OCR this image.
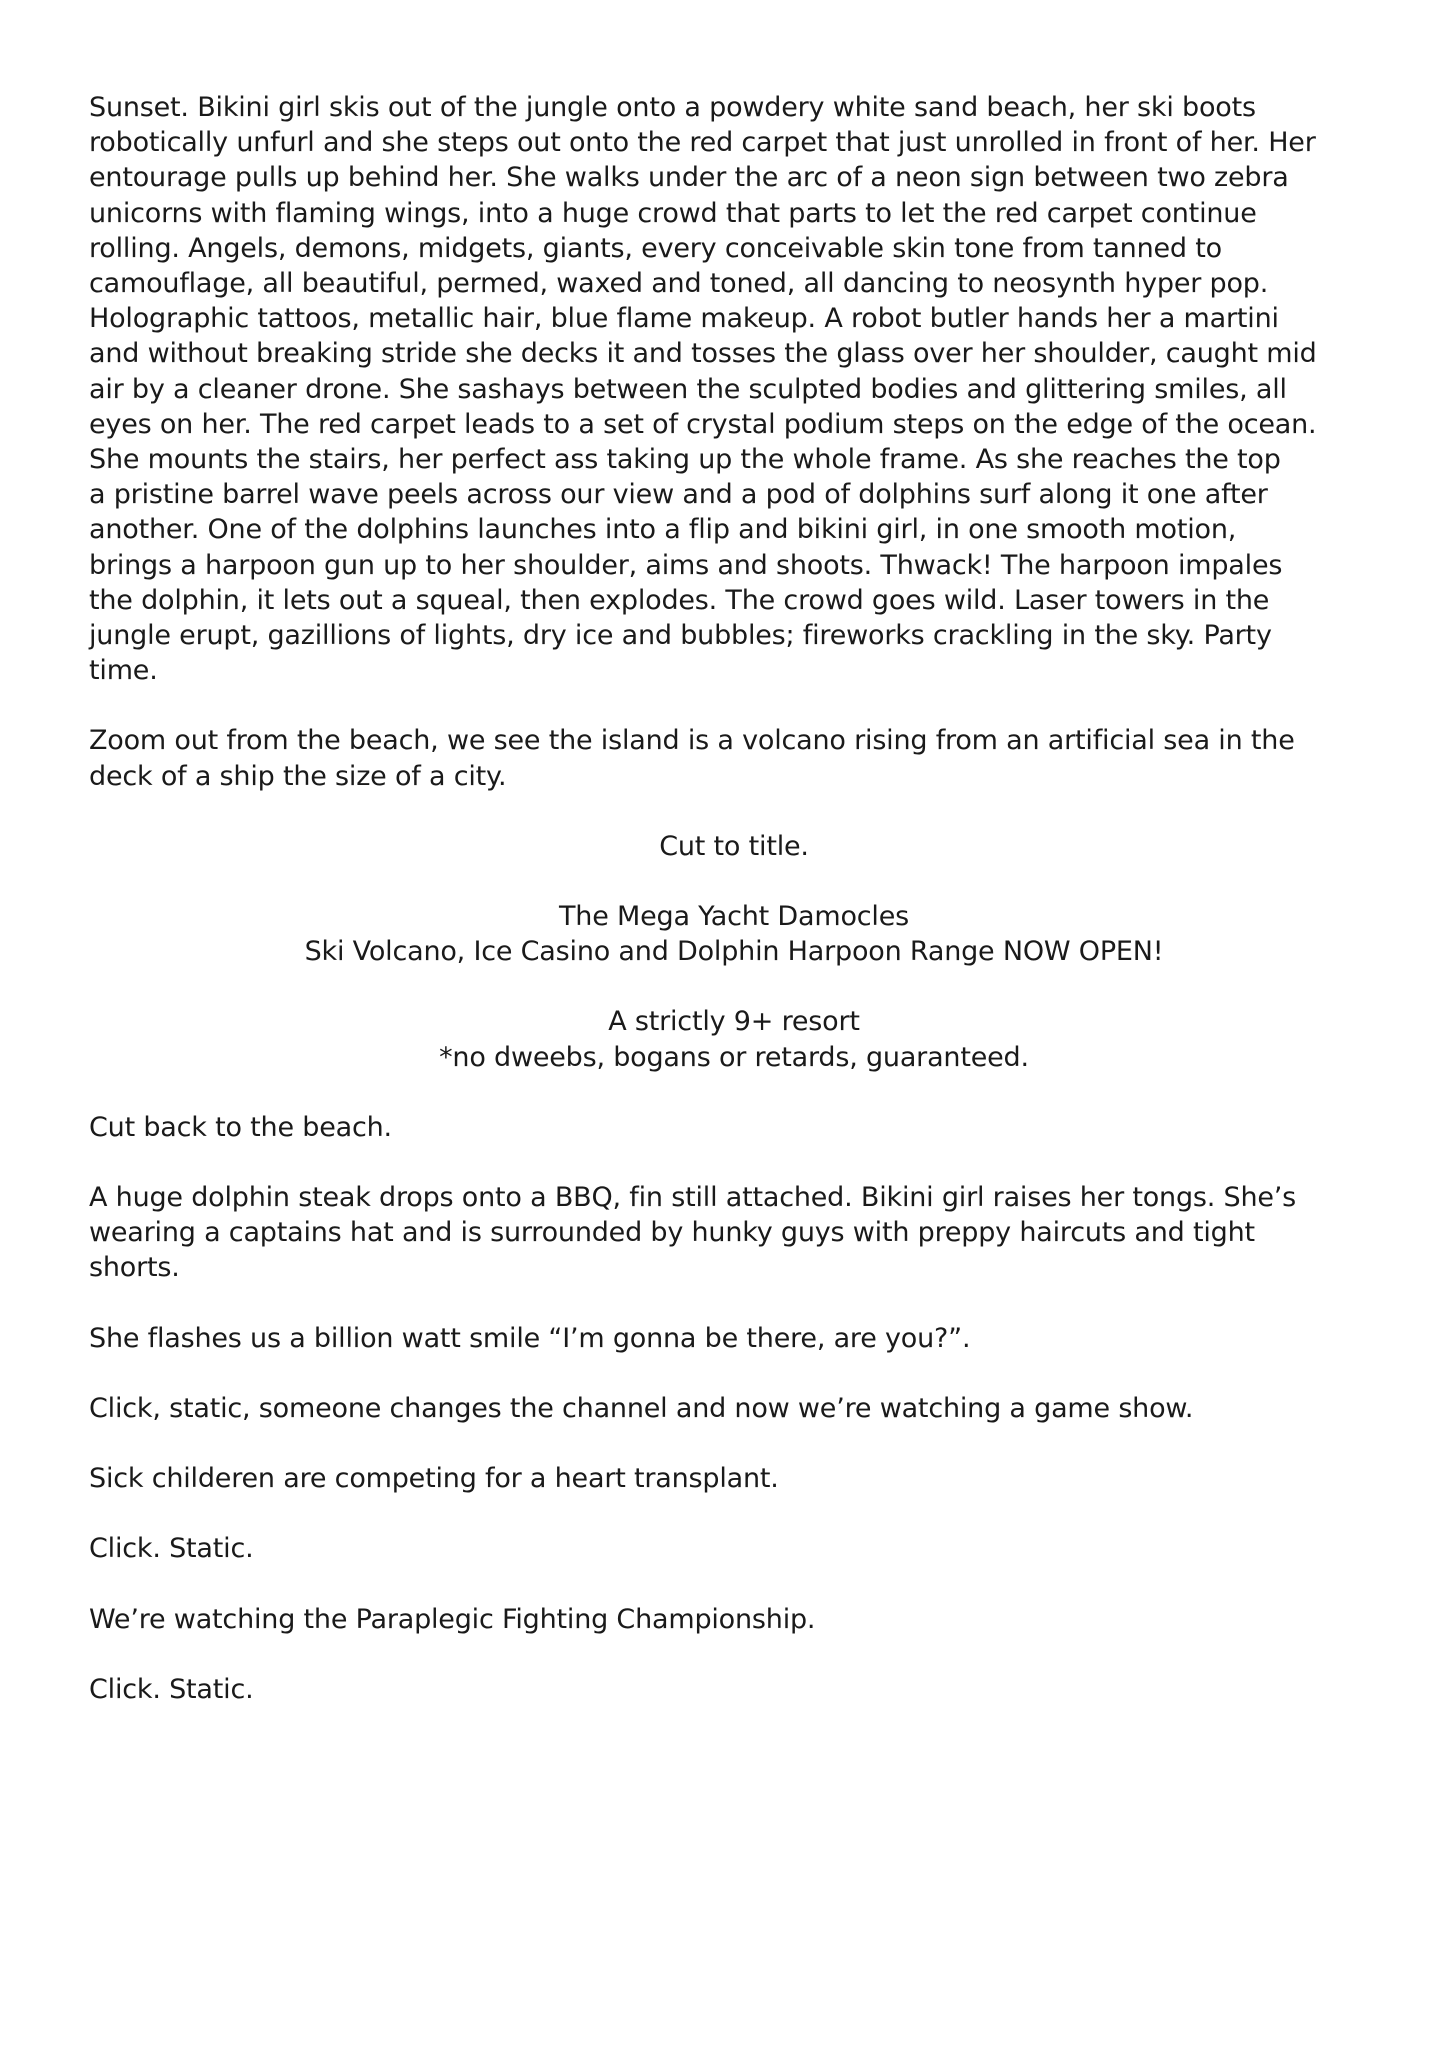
Sunset. Bikini girl skis out of the jungle onto a powdery white sand beach, her ski boots
robotically unfurl and she steps out onto the red carpet that just unrolled in front of her. Her
entourage pulls up behind her. She walks under the arc of a neon sign between two zebra
unicorns with flaming wings, into a huge crowd that parts to let the red carpet continue
rolling. Angels, demons, midgets, giants, every conceivable skin tone from tanned to
camouflage, all beautiful, permed, waxed and toned, all dancing to neosynth hyper pop.
Holographic tattoos, metallic hair, blue flame makeup. A robot butler hands her a martini
and without breaking stride she decks it and tosses the glass over her shoulder, caught mid
air by a cleaner drone. She sashays between the sculpted bodies and glittering smiles, all
eyes on her. The red carpet leads to a set of crystal podium steps on the edge of the ocean.
She mounts the stairs, her perfect ass taking up the whole frame. As she reaches the top
a pristine barrel wave peels across our view and a pod of dolphins surf along it one after
another. One of the dolphins launches into a flip and bikini girl, in one smooth motion,
brings a harpoon gun up to her shoulder, aims and shoots. Thwack! The harpoon impales
the dolphin, it lets out a squeal, then explodes. The crowd goes wild. Laser towers in the
jungle erupt, gazillions of lights, dry ice and bubbles; fireworks crackling in the sky. Party
time.

Zoom out from the beach, we see the island is a volcano rising from an artificial sea in the
deck of a ship the size of a city.

Cut to title.

The Mega Yacht Damocles
Ski Volcano, Ice Casino and Dolphin Harpoon Range NOW OPEN!

A strictly 9+ resort
*no dweebs, bogans or retards, guaranteed.

Cut back to the beach.

A huge dolphin steak drops onto a BBQ, fin still attached. Bikini girl raises her tongs. She’s
wearing a captains hat and is surrounded by hunky guys with preppy haircuts and tight
shorts.

She flashes us a billion watt smile “I’m gonna be there, are you?”.

Click, static, someone changes the channel and now we’re watching a game show.

Sick childeren are competing for a heart transplant.

Click. Static.

We’re watching the Paraplegic Fighting Championship.

Click. Static.
